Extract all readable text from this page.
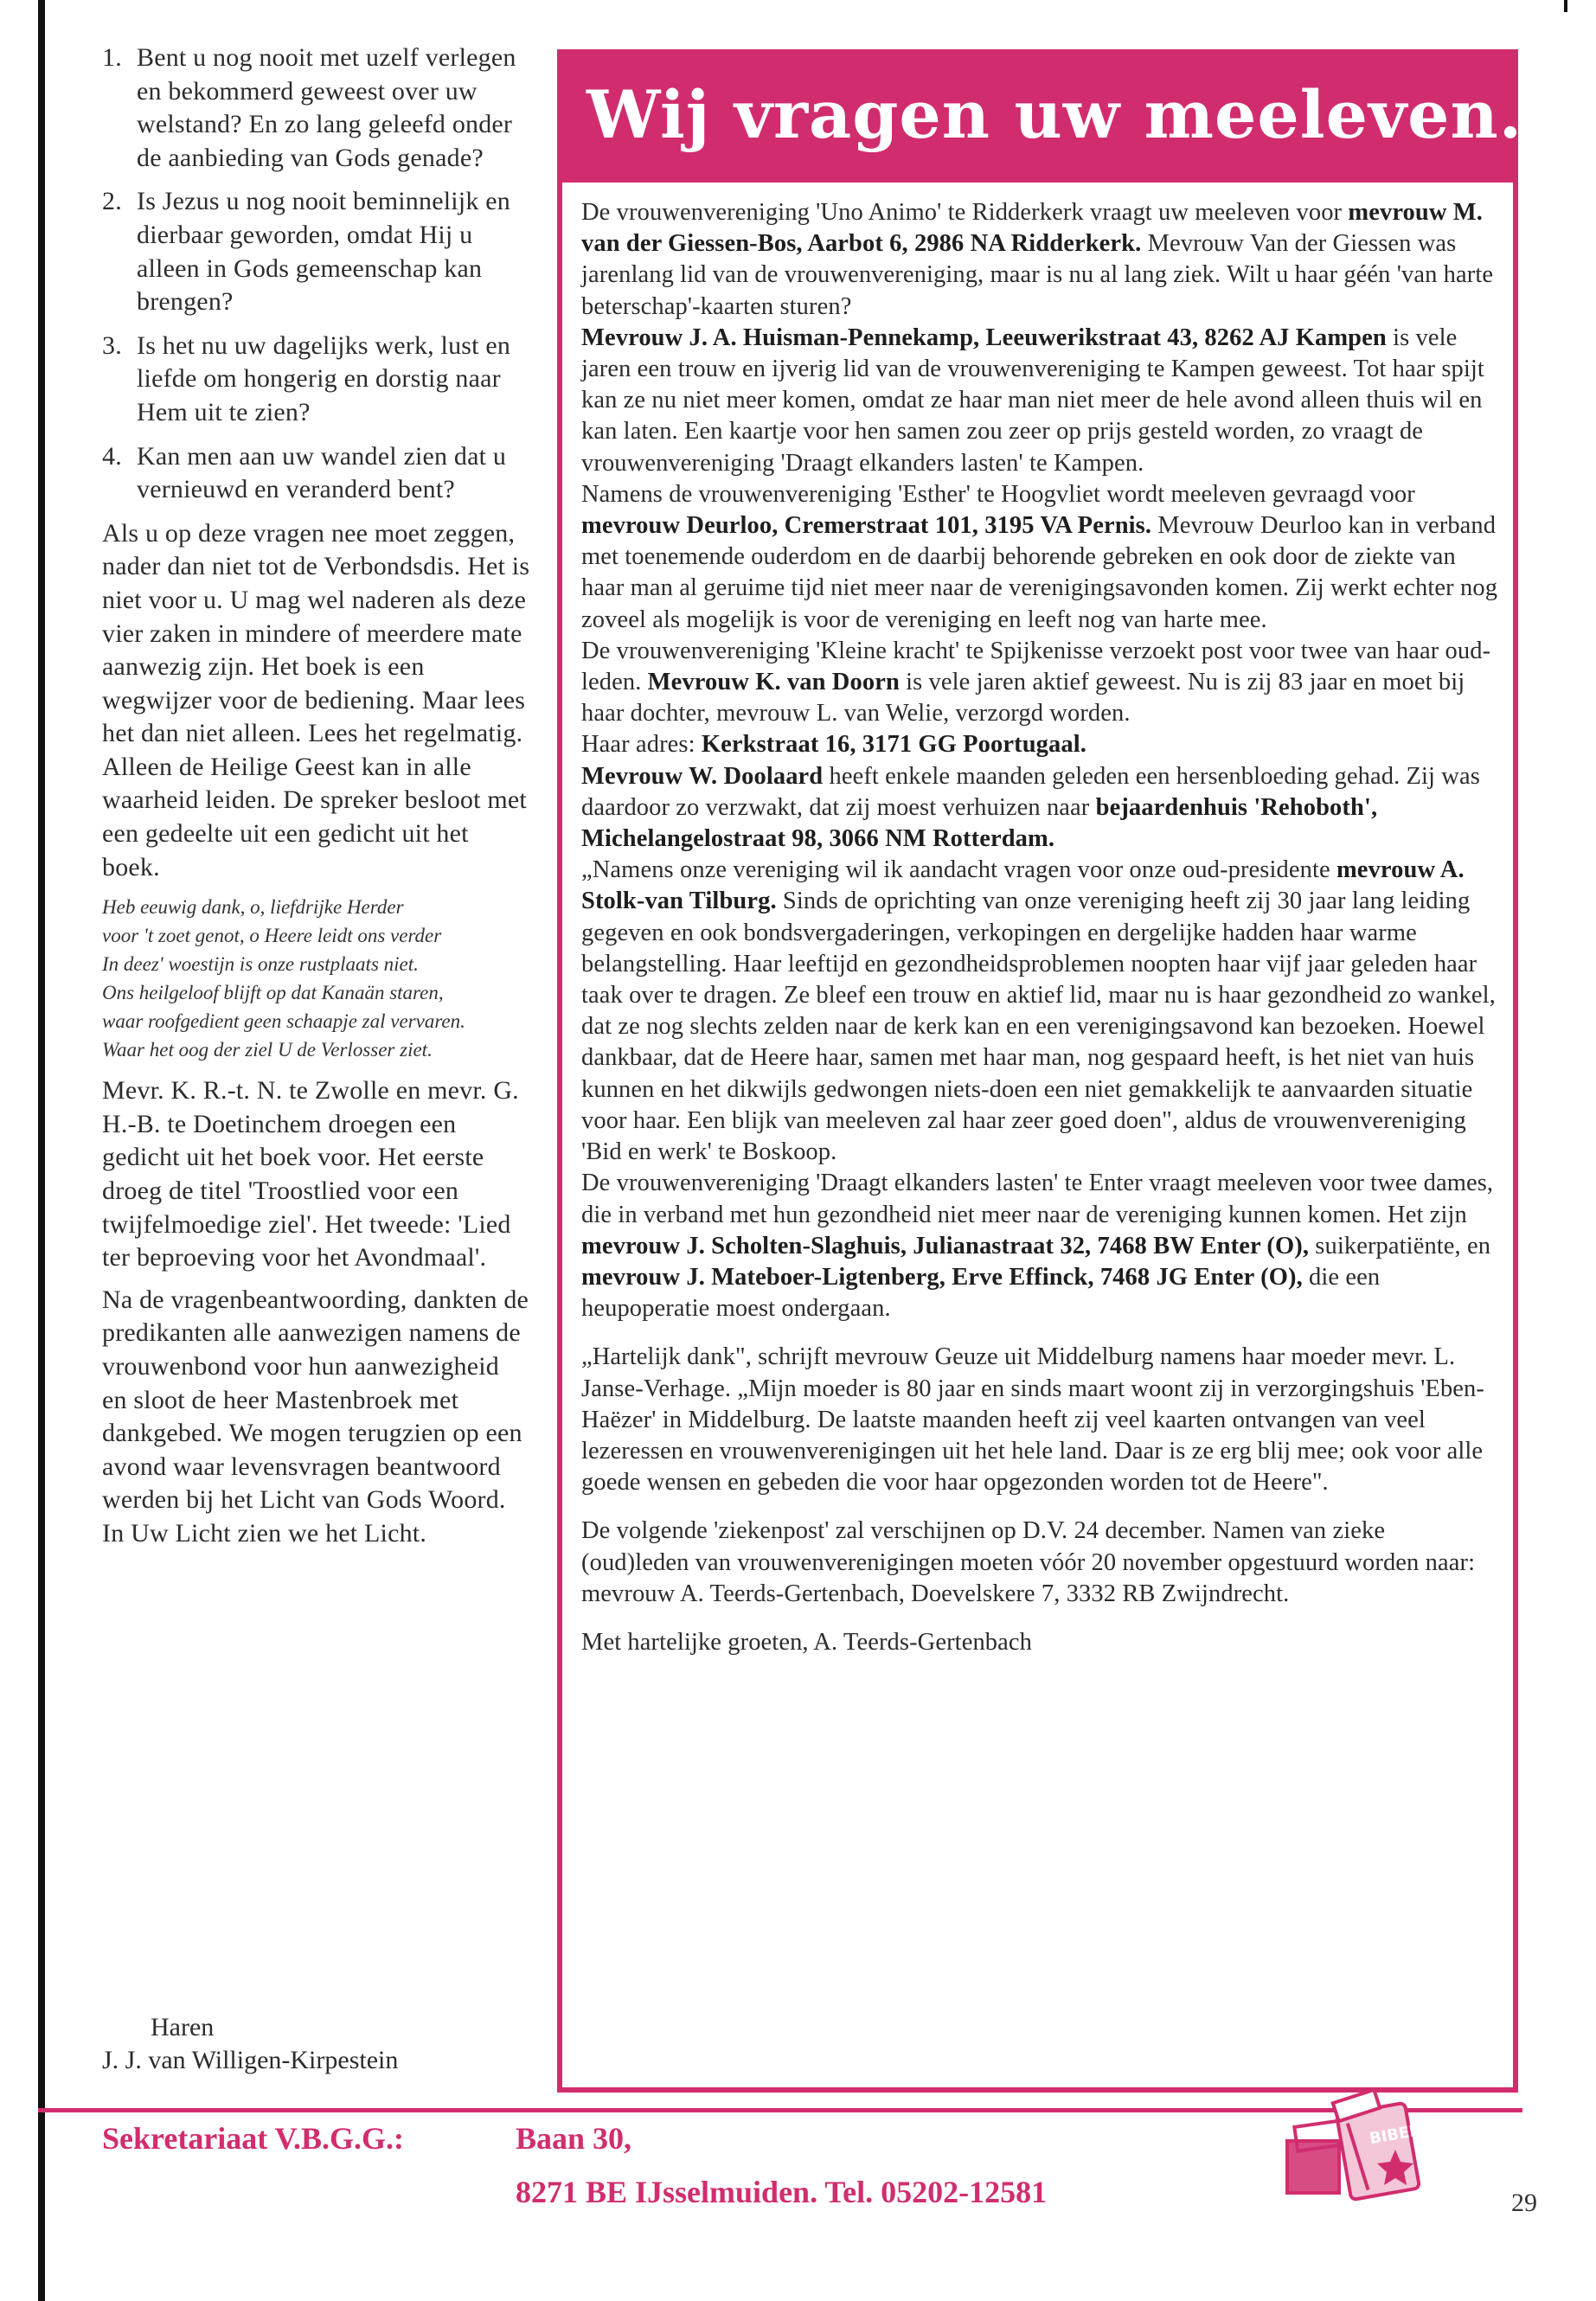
1. Bent u nog nooit met uzelf verlegen en bekommerd geweest over uw welstand? En zo lang geleefd onder de aanbieding van Gods genade?
2. Is Jezus u nog nooit beminnelijk en dierbaar geworden, omdat Hij u alleen in Gods gemeenschap kan brengen?
3. Is het nu uw dagelijks werk, lust en liefde om hongerig en dorstig naar Hem uit te zien?
4. Kan men aan uw wandel zien dat u vernieuwd en veranderd bent?

Als u op deze vragen nee moet zeggen, nader dan niet tot de Verbondsdis. Het is niet voor u. U mag wel naderen als deze vier zaken in mindere of meerdere mate aanwezig zijn. Het boek is een wegwijzer voor de bediening. Maar lees het dan niet alleen. Lees het regelmatig. Alleen de Heilige Geest kan in alle waarheid leiden. De spreker besloot met een gedeelte uit een gedicht uit het boek.

Heb eeuwig dank, o, liefdrijke Herder
voor 't zoet genot, o Heere leidt ons verder
In deez' woestijn is onze rustplaats niet.
Ons heilgeloof blijft op dat Kanaän staren,
waar roofgedient geen schaapje zal vervaren.
Waar het oog der ziel U de Verlosser ziet.

Mevr. K. R.-t. N. te Zwolle en mevr. G. H.-B. te Doetinchem droegen een gedicht uit het boek voor. Het eerste droeg de titel 'Troostlied voor een twijfelmoedige ziel'. Het tweede: 'Lied ter beproeving voor het Avondmaal'.

Na de vragenbeantwoording, dankten de predikanten alle aanwezigen namens de vrouwenbond voor hun aanwezigheid en sloot de heer Mastenbroek met dankgebed. We mogen terugzien op een avond waar levensvragen beantwoord werden bij het Licht van Gods Woord. In Uw Licht zien we het Licht.

Haren
J. J. van Willigen-Kirpestein
Wij vragen uw meeleven...

De vrouwenvereniging 'Uno Animo' te Ridderkerk vraagt uw meeleven voor mevrouw M. van der Giessen-Bos, Aarbot 6, 2986 NA Ridderkerk. Mevrouw Van der Giessen was jarenlang lid van de vrouwenvereniging, maar is nu al lang ziek. Wilt u haar géén 'van harte beterschap'-kaarten sturen?

Mevrouw J. A. Huisman-Pennekamp, Leeuwerikstraat 43, 8262 AJ Kampen is vele jaren een trouw en ijverig lid van de vrouwenvereniging te Kampen geweest. Tot haar spijt kan ze nu niet meer komen, omdat ze haar man niet meer de hele avond alleen thuis wil en kan laten. Een kaartje voor hen samen zou zeer op prijs gesteld worden, zo vraagt de vrouwenvereniging 'Draagt elkanders lasten' te Kampen.

Namens de vrouwenvereniging 'Esther' te Hoogvliet wordt meeleven gevraagd voor mevrouw Deurloo, Cremerstraat 101, 3195 VA Pernis. Mevrouw Deurloo kan in verband met toenemende ouderdom en de daarbij behorende gebreken en ook door de ziekte van haar man al geruime tijd niet meer naar de verenigingsavonden komen. Zij werkt echter nog zoveel als mogelijk is voor de vereniging en leeft nog van harte mee.

De vrouwenvereniging 'Kleine kracht' te Spijkenisse verzoekt post voor twee van haar oud-leden. Mevrouw K. van Doorn is vele jaren aktief geweest. Nu is zij 83 jaar en moet bij haar dochter, mevrouw L. van Welie, verzorgd worden.

Haar adres: Kerkstraat 16, 3171 GG Poortugaal.

Mevrouw W. Doolaard heeft enkele maanden geleden een hersenbloeding gehad. Zij was daardoor zo verzwakt, dat zij moest verhuizen naar bejaardenhuis 'Rehoboth', Michelangelostraat 98, 3066 NM Rotterdam.

„Namens onze vereniging wil ik aandacht vragen voor onze oud-presidente mevrouw A. Stolk-van Tilburg. Sinds de oprichting van onze vereniging heeft zij 30 jaar lang leiding gegeven en ook bondsvergaderingen, verkopingen en dergelijke hadden haar warme belangstelling. Haar leeftijd en gezondheidsproblemen noopten haar vijf jaar geleden haar taak over te dragen. Ze bleef een trouw en aktief lid, maar nu is haar gezondheid zo wankel, dat ze nog slechts zelden naar de kerk kan en een verenigingsavond kan bezoeken. Hoewel dankbaar, dat de Heere haar, samen met haar man, nog gespaard heeft, is het niet van huis kunnen en het dikwijls gedwongen niets-doen een niet gemakkelijk te aanvaarden situatie voor haar. Een blijk van meeleven zal haar zeer goed doen", aldus de vrouwenvereniging 'Bid en werk' te Boskoop.

De vrouwenvereniging 'Draagt elkanders lasten' te Enter vraagt meeleven voor twee dames, die in verband met hun gezondheid niet meer naar de vereniging kunnen komen. Het zijn mevrouw J. Scholten-Slaghuis, Julianastraat 32, 7468 BW Enter (O), suikerpatiënte, en mevrouw J. Mateboer-Ligtenberg, Erve Effinck, 7468 JG Enter (O), die een heupoperatie moest ondergaan.

„Hartelijk dank", schrijft mevrouw Geuze uit Middelburg namens haar moeder mevr. L. Janse-Verhage. „Mijn moeder is 80 jaar en sinds maart woont zij in verzorgingshuis 'Eben-Haëzer' in Middelburg. De laatste maanden heeft zij veel kaarten ontvangen van veel lezeressen en vrouwenverenigingen uit het hele land. Daar is ze erg blij mee; ook voor alle goede wensen en gebeden die voor haar opgezonden worden tot de Heere".

De volgende 'ziekenpost' zal verschijnen op D.V. 24 december. Namen van zieke (oud)leden van vrouwenverenigingen moeten vóór 20 november opgestuurd worden naar: mevrouw A. Teerds-Gertenbach, Doevelskere 7, 3332 RB Zwijndrecht.

Met hartelijke groeten, A. Teerds-Gertenbach

Sekretariaat V.B.G.G.:	Baan 30,
8271 BE IJsselmuiden. Tel. 05202-12581
BIBEL
29
